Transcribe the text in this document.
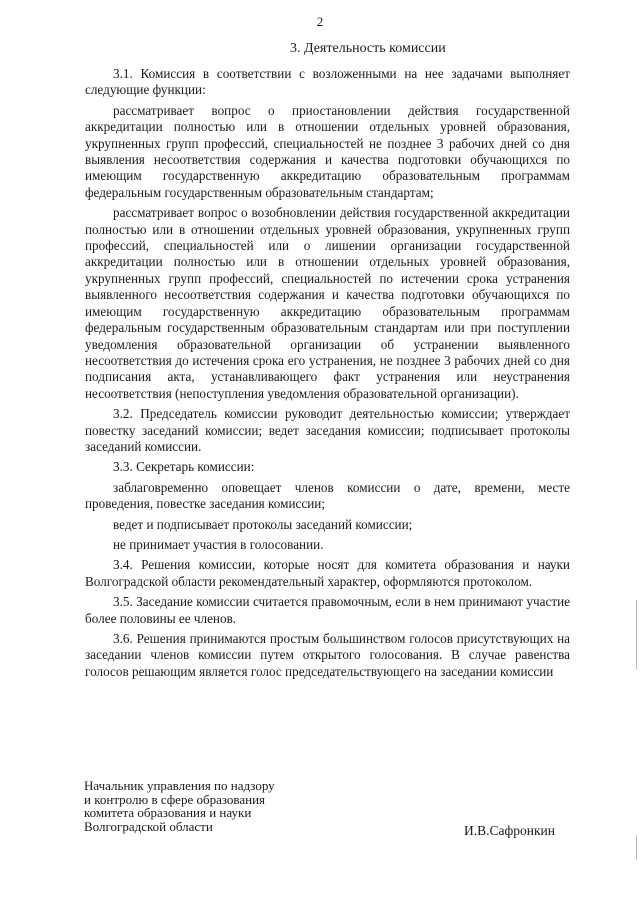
2
3. Деятельность комиссии

3.1. Комиссия в соответствии с возложенными на нее задачами выполняет следующие функции:

рассматривает вопрос о приостановлении действия государственной аккредитации полностью или в отношении отдельных уровней образования, укрупненных групп профессий, специальностей не позднее 3 рабочих дней со дня выявления несоответствия содержания и качества подготовки обучающихся по имеющим государственную аккредитацию образовательным программам федеральным государственным образовательным стандартам;

рассматривает вопрос о возобновлении действия государственной аккредитации полностью или в отношении отдельных уровней образования, укрупненных групп профессий, специальностей или о лишении организации государственной аккредитации полностью или в отношении отдельных уровней образования, укрупненных групп профессий, специальностей по истечении срока устранения выявленного несоответствия содержания и качества подготовки обучающихся по имеющим государственную аккредитацию образовательным программам федеральным государственным образовательным стандартам или при поступлении уведомления образовательной организации об устранении выявленного несоответствия до истечения срока его устранения, не позднее 3 рабочих дней со дня подписания акта, устанавливающего факт устранения или неустранения несоответствия (непоступления уведомления образовательной организации).

3.2. Председатель комиссии руководит деятельностью комиссии; утверждает повестку заседаний комиссии; ведет заседания комиссии; подписывает протоколы заседаний комиссии.

3.3. Секретарь комиссии:

заблаговременно оповещает членов комиссии о дате, времени, месте проведения, повестке заседания комиссии;

ведет и подписывает протоколы заседаний комиссии;

не принимает участия в голосовании.

3.4. Решения комиссии, которые носят для комитета образования и науки Волгоградской области рекомендательный характер, оформляются протоколом.

3.5. Заседание комиссии считается правомочным, если в нем принимают участие более половины ее членов.

3.6. Решения принимаются простым большинством голосов присутствующих на заседании членов комиссии путем открытого голосования. В случае равенства голосов решающим является голос председательствующего на заседании комиссии

Начальник управления по надзору
и контролю в сфере образования
комитета образования и науки
Волгоградской области	И.В.Сафронкин
